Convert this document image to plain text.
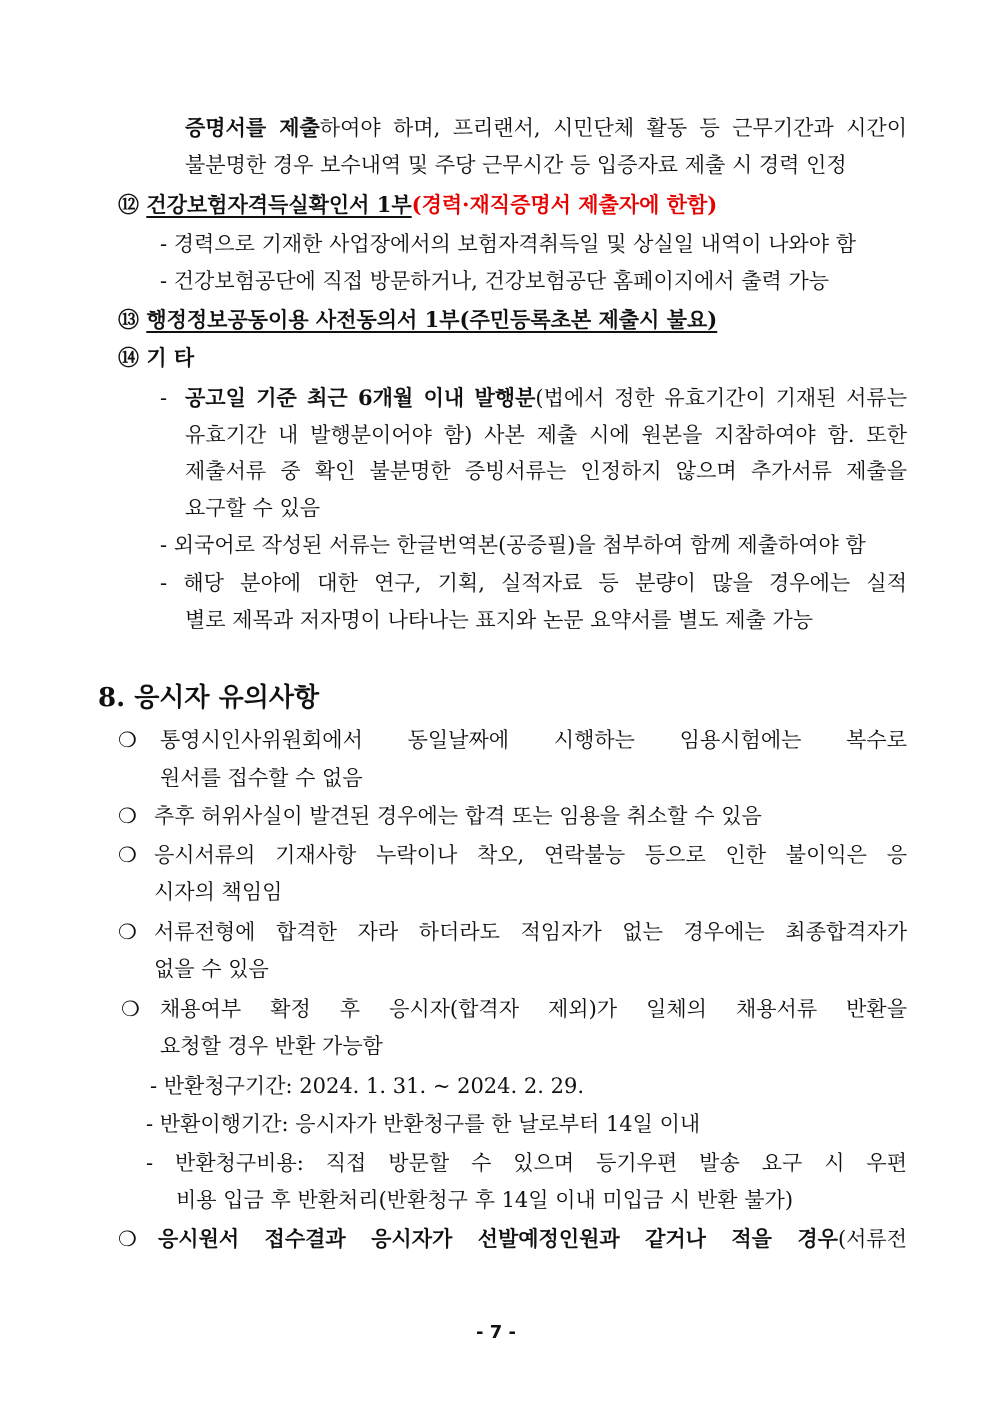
증명서를 제출하여야 하며, 프리랜서, 시민단체 활동 등 근무기간과 시간이
불분명한 경우 보수내역 및 주당 근무시간 등 입증자료 제출 시 경력 인정
⑫ 건강보험자격득실확인서 1부(경력·재직증명서 제출자에 한함)
- 경력으로 기재한 사업장에서의 보험자격취득일 및 상실일 내역이 나와야 함
- 건강보험공단에 직접 방문하거나, 건강보험공단 홈페이지에서 출력 가능
⑬ 행정정보공동이용 사전동의서 1부(주민등록초본 제출시 불요)
⑭ 기 타
- 공고일 기준 최근 6개월 이내 발행분(법에서 정한 유효기간이 기재된 서류는
유효기간 내 발행분이어야 함) 사본 제출 시에 원본을 지참하여야 함. 또한
제출서류 중 확인 불분명한 증빙서류는 인정하지 않으며 추가서류 제출을
요구할 수 있음
- 외국어로 작성된 서류는 한글번역본(공증필)을 첨부하여 함께 제출하여야 함
- 해당 분야에 대한 연구, 기획, 실적자료 등 분량이 많을 경우에는 실적
별로 제목과 저자명이 나타나는 표지와 논문 요약서를 별도 제출 가능
8. 응시자 유의사항
❍ 통영시인사위원회에서 동일날짜에 시행하는 임용시험에는 복수로
원서를 접수할 수 없음
❍ 추후 허위사실이 발견된 경우에는 합격 또는 임용을 취소할 수 있음
❍ 응시서류의 기재사항 누락이나 착오, 연락불능 등으로 인한 불이익은 응
시자의 책임임
❍ 서류전형에 합격한 자라 하더라도 적임자가 없는 경우에는 최종합격자가
없을 수 있음
❍ 채용여부 확정 후 응시자(합격자 제외)가 일체의 채용서류 반환을
요청할 경우 반환 가능함
- 반환청구기간: 2024. 1. 31. ~ 2024. 2. 29.
- 반환이행기간: 응시자가 반환청구를 한 날로부터 14일 이내
- 반환청구비용: 직접 방문할 수 있으며 등기우편 발송 요구 시 우편
비용 입금 후 반환처리(반환청구 후 14일 이내 미입금 시 반환 불가)
❍ 응시원서 접수결과 응시자가 선발예정인원과 같거나 적을 경우(서류전
- 7 -
